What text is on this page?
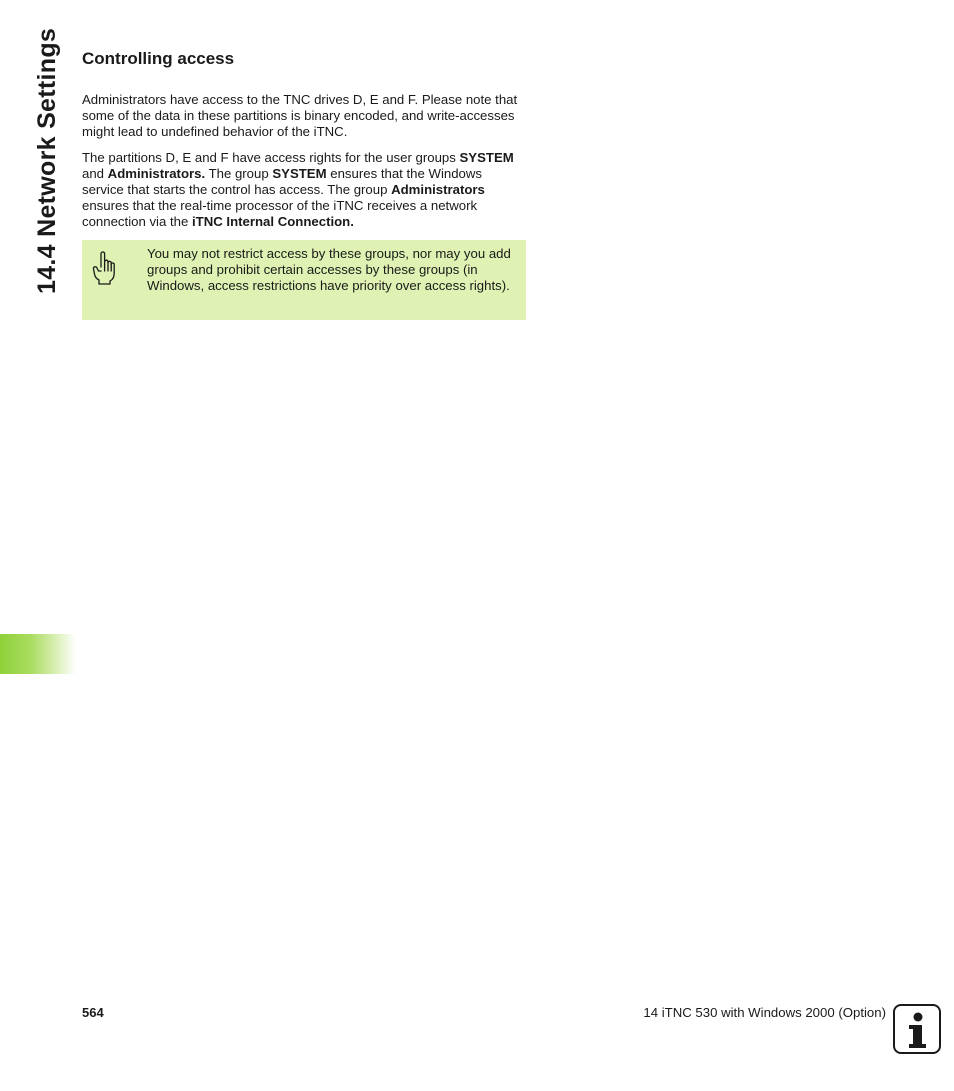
14.4 Network Settings Controlling access

Administrators have access to the TNC drives D, E and F. Please note that some of the data in these partitions is binary encoded, and write-accesses might lead to undefined behavior of the iTNC.

The partitions D, E and F have access rights for the user groups SYSTEM and Administrators. The group SYSTEM ensures that the Windows service that starts the control has access. The group Administrators ensures that the real-time processor of the iTNC receives a network connection via the iTNC Internal Connection.

You may not restrict access by these groups, nor may you add groups and prohibit certain accesses by these groups (in Windows, access restrictions have priority over access rights).

564	14 iTNC 530 with Windows 2000 (Option)
